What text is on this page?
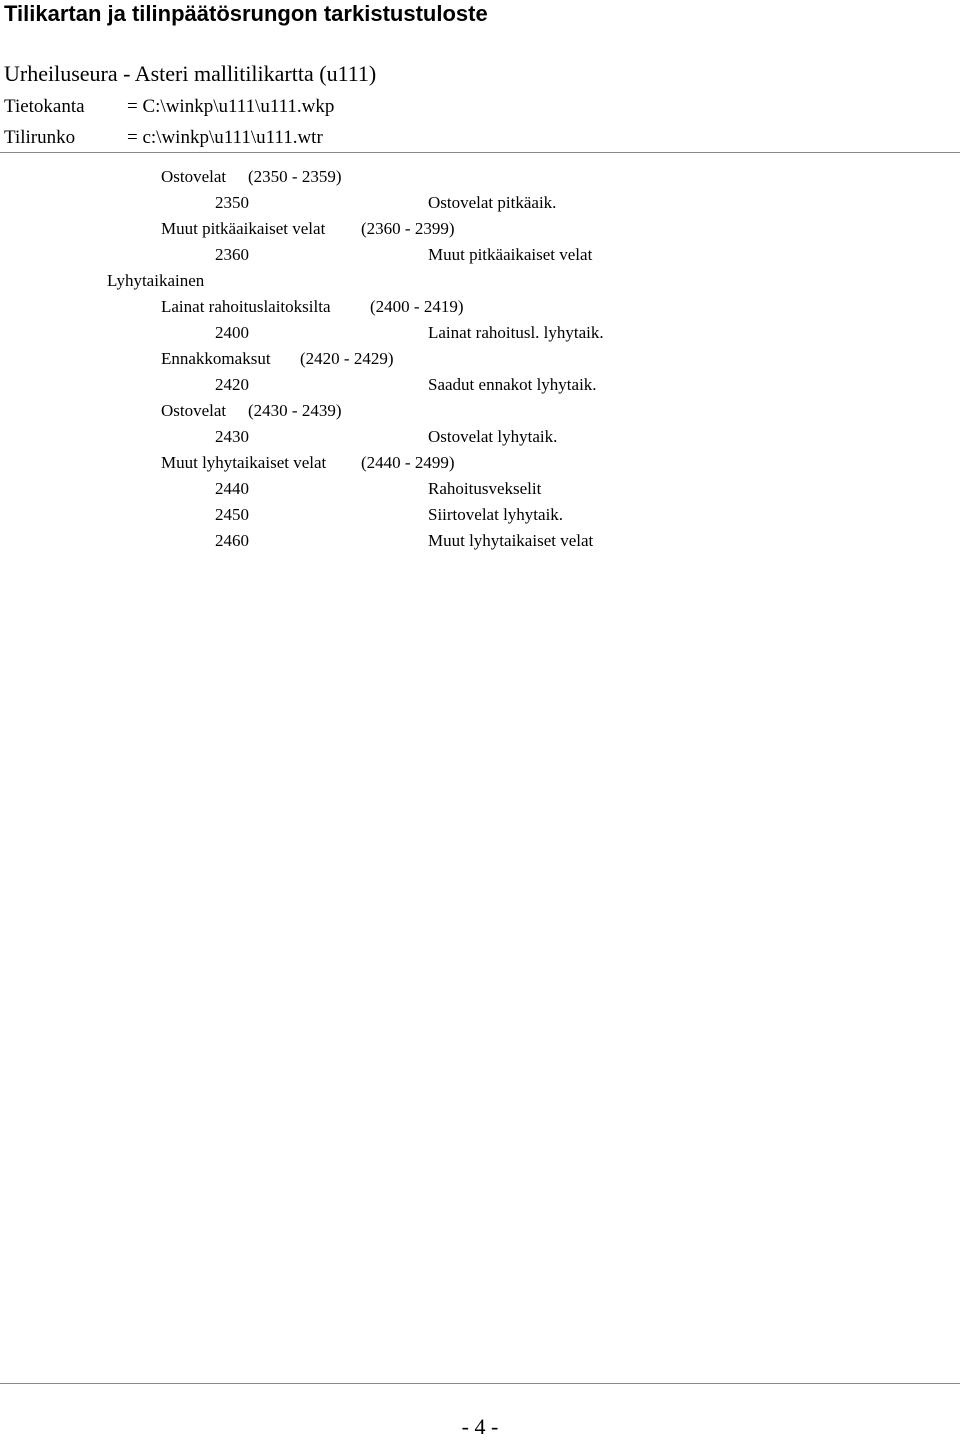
Tilikartan ja tilinpäätösrungon tarkistustuloste
Urheiluseura - Asteri mallitilikartta (u111)
Tietokanta = C:\winkp\u111\u111.wkp
Tilirunko	= c:\winkp\u111\u111.wtr
Ostovelat (2350 - 2359)
2350	Ostovelat pitkäaik.
Muut pitkäaikaiset velat (2360 - 2399)
2360	Muut pitkäaikaiset velat
Lyhytaikainen
Lainat rahoituslaitoksilta (2400 - 2419)
2400	Lainat rahoitusl. lyhytaik.
Ennakkomaksut (2420 - 2429)
2420	Saadut ennakot lyhytaik.
Ostovelat (2430 - 2439)
2430	Ostovelat lyhytaik.
Muut lyhytaikaiset velat (2440 - 2499)
2440	Rahoitusvekselit
2450	Siirtovelat lyhytaik.
2460	Muut lyhytaikaiset velat
- 4 -
